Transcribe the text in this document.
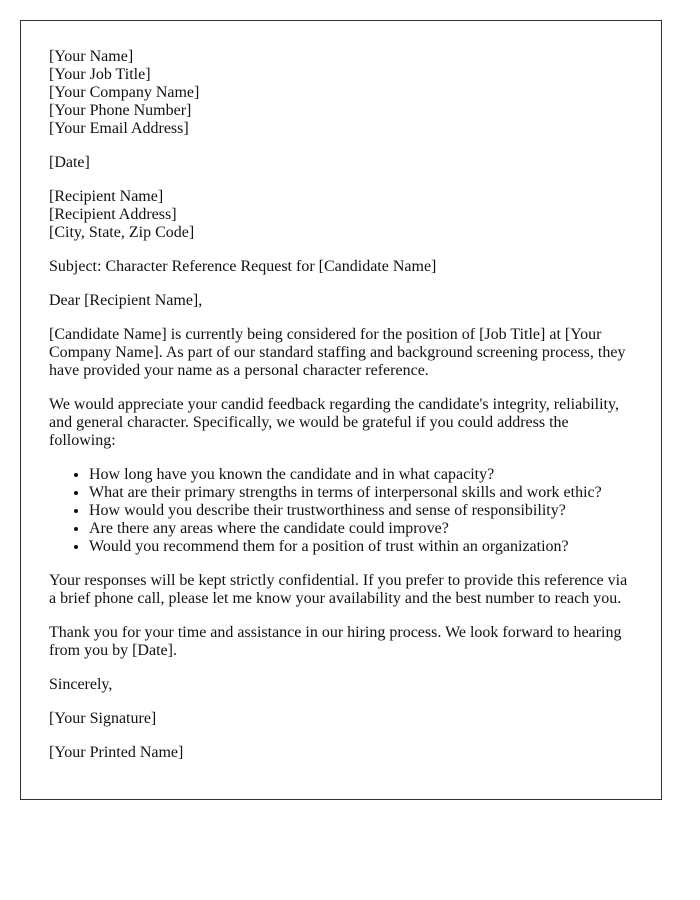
[Your Name]
[Your Job Title]
[Your Company Name]
[Your Phone Number]
[Your Email Address]

[Date]

[Recipient Name]
[Recipient Address]
[City, State, Zip Code]

Subject: Character Reference Request for [Candidate Name]

Dear [Recipient Name],

[Candidate Name] is currently being considered for the position of [Job Title] at [Your Company Name]. As part of our standard staffing and background screening process, they have provided your name as a personal character reference.

We would appreciate your candid feedback regarding the candidate's integrity, reliability, and general character. Specifically, we would be grateful if you could address the following:

• How long have you known the candidate and in what capacity?
• What are their primary strengths in terms of interpersonal skills and work ethic?
• How would you describe their trustworthiness and sense of responsibility?
• Are there any areas where the candidate could improve?
• Would you recommend them for a position of trust within an organization?

Your responses will be kept strictly confidential. If you prefer to provide this reference via a brief phone call, please let me know your availability and the best number to reach you.

Thank you for your time and assistance in our hiring process. We look forward to hearing from you by [Date].

Sincerely,

[Your Signature]

[Your Printed Name]
